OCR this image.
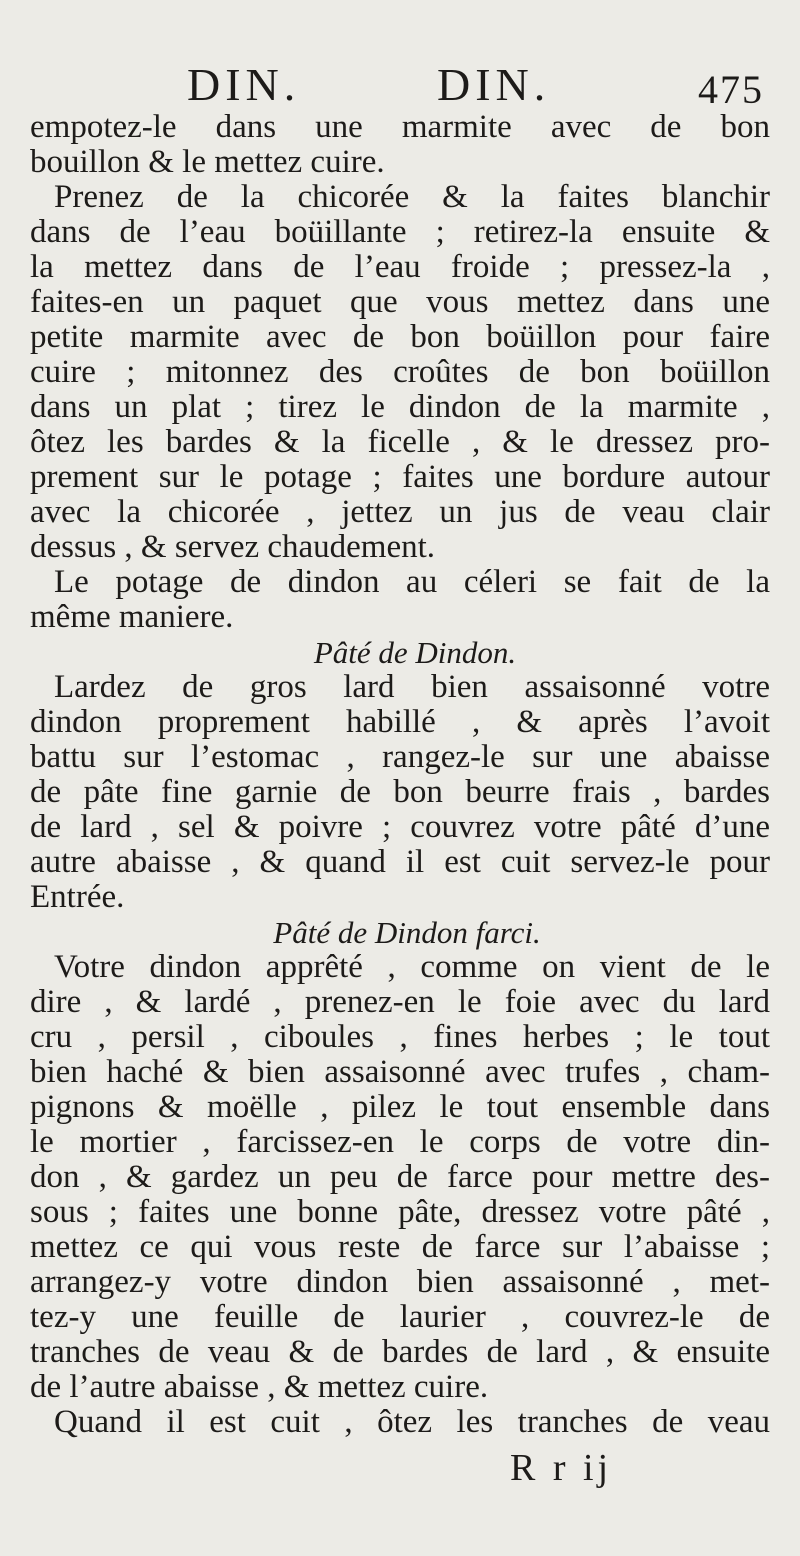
DIN.	DIN.	475
empotez-le dans une marmite avec de bon
bouillon & le mettez cuire.
Prenez de la chicorée & la faites blanchir
dans de l’eau boüillante ; retirez-la ensuite &
la mettez dans de l’eau froide ; pressez-la ,
faites-en un paquet que vous mettez dans une
petite marmite avec de bon boüillon pour faire
cuire ; mitonnez des croûtes de bon boüillon
dans un plat ; tirez le dindon de la marmite ,
ôtez les bardes & la ficelle , & le dressez pro-
prement sur le potage ; faites une bordure autour
avec la chicorée , jettez un jus de veau clair
dessus , & servez chaudement.
Le potage de dindon au céleri se fait de la
même maniere.
Pâté de Dindon.
Lardez de gros lard bien assaisonné votre
dindon proprement habillé , & après l’avoit
battu sur l’estomac , rangez-le sur une abaisse
de pâte fine garnie de bon beurre frais , bardes
de lard , sel & poivre ; couvrez votre pâté d’une
autre abaisse , & quand il est cuit servez-le pour
Entrée.
Pâté de Dindon farci.
Votre dindon apprêté , comme on vient de le
dire , & lardé , prenez-en le foie avec du lard
cru , persil , ciboules , fines herbes ; le tout
bien haché & bien assaisonné avec trufes , cham-
pignons & moëlle , pilez le tout ensemble dans
le mortier , farcissez-en le corps de votre din-
don , & gardez un peu de farce pour mettre des-
sous ; faites une bonne pâte, dressez votre pâté ,
mettez ce qui vous reste de farce sur l’abaisse ;
arrangez-y votre dindon bien assaisonné , met-
tez-y une feuille de laurier , couvrez-le de
tranches de veau & de bardes de lard , & ensuite
de l’autre abaisse , & mettez cuire.
Quand il est cuit , ôtez les tranches de veau
R r ij
